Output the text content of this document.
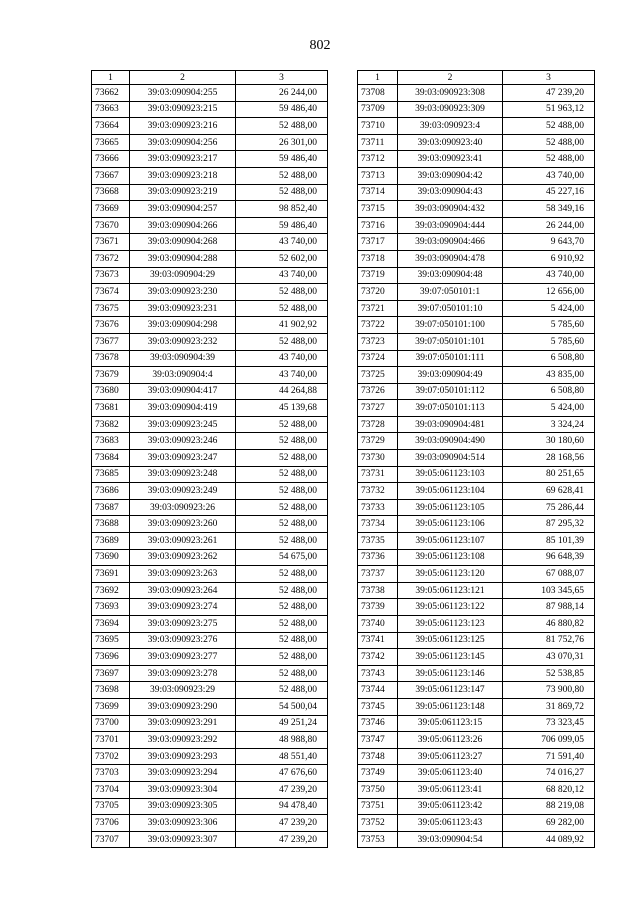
802
1	2	3
73662	39:03:090904:255	26 244,00
73663	39:03:090923:215	59 486,40
73664	39:03:090923:216	52 488,00
73665	39:03:090904:256	26 301,00
73666	39:03:090923:217	59 486,40
73667	39:03:090923:218	52 488,00
73668	39:03:090923:219	52 488,00
73669	39:03:090904:257	98 852,40
73670	39:03:090904:266	59 486,40
73671	39:03:090904:268	43 740,00
73672	39:03:090904:288	52 602,00
73673	39:03:090904:29	43 740,00
73674	39:03:090923:230	52 488,00
73675	39:03:090923:231	52 488,00
73676	39:03:090904:298	41 902,92
73677	39:03:090923:232	52 488,00
73678	39:03:090904:39	43 740,00
73679	39:03:090904:4	43 740,00
73680	39:03:090904:417	44 264,88
73681	39:03:090904:419	45 139,68
73682	39:03:090923:245	52 488,00
73683	39:03:090923:246	52 488,00
73684	39:03:090923:247	52 488,00
73685	39:03:090923:248	52 488,00
73686	39:03:090923:249	52 488,00
73687	39:03:090923:26	52 488,00
73688	39:03:090923:260	52 488,00
73689	39:03:090923:261	52 488,00
73690	39:03:090923:262	54 675,00
73691	39:03:090923:263	52 488,00
73692	39:03:090923:264	52 488,00
73693	39:03:090923:274	52 488,00
73694	39:03:090923:275	52 488,00
73695	39:03:090923:276	52 488,00
73696	39:03:090923:277	52 488,00
73697	39:03:090923:278	52 488,00
73698	39:03:090923:29	52 488,00
73699	39:03:090923:290	54 500,04
73700	39:03:090923:291	49 251,24
73701	39:03:090923:292	48 988,80
73702	39:03:090923:293	48 551,40
73703	39:03:090923:294	47 676,60
73704	39:03:090923:304	47 239,20
73705	39:03:090923:305	94 478,40
73706	39:03:090923:306	47 239,20
73707	39:03:090923:307	47 239,20
1	2	3
73708	39:03:090923:308	47 239,20
73709	39:03:090923:309	51 963,12
73710	39:03:090923:4	52 488,00
73711	39:03:090923:40	52 488,00
73712	39:03:090923:41	52 488,00
73713	39:03:090904:42	43 740,00
73714	39:03:090904:43	45 227,16
73715	39:03:090904:432	58 349,16
73716	39:03:090904:444	26 244,00
73717	39:03:090904:466	9 643,70
73718	39:03:090904:478	6 910,92
73719	39:03:090904:48	43 740,00
73720	39:07:050101:1	12 656,00
73721	39:07:050101:10	5 424,00
73722	39:07:050101:100	5 785,60
73723	39:07:050101:101	5 785,60
73724	39:07:050101:111	6 508,80
73725	39:03:090904:49	43 835,00
73726	39:07:050101:112	6 508,80
73727	39:07:050101:113	5 424,00
73728	39:03:090904:481	3 324,24
73729	39:03:090904:490	30 180,60
73730	39:03:090904:514	28 168,56
73731	39:05:061123:103	80 251,65
73732	39:05:061123:104	69 628,41
73733	39:05:061123:105	75 286,44
73734	39:05:061123:106	87 295,32
73735	39:05:061123:107	85 101,39
73736	39:05:061123:108	96 648,39
73737	39:05:061123:120	67 088,07
73738	39:05:061123:121	103 345,65
73739	39:05:061123:122	87 988,14
73740	39:05:061123:123	46 880,82
73741	39:05:061123:125	81 752,76
73742	39:05:061123:145	43 070,31
73743	39:05:061123:146	52 538,85
73744	39:05:061123:147	73 900,80
73745	39:05:061123:148	31 869,72
73746	39:05:061123:15	73 323,45
73747	39:05:061123:26	706 099,05
73748	39:05:061123:27	71 591,40
73749	39:05:061123:40	74 016,27
73750	39:05:061123:41	68 820,12
73751	39:05:061123:42	88 219,08
73752	39:05:061123:43	69 282,00
73753	39:03:090904:54	44 089,92
